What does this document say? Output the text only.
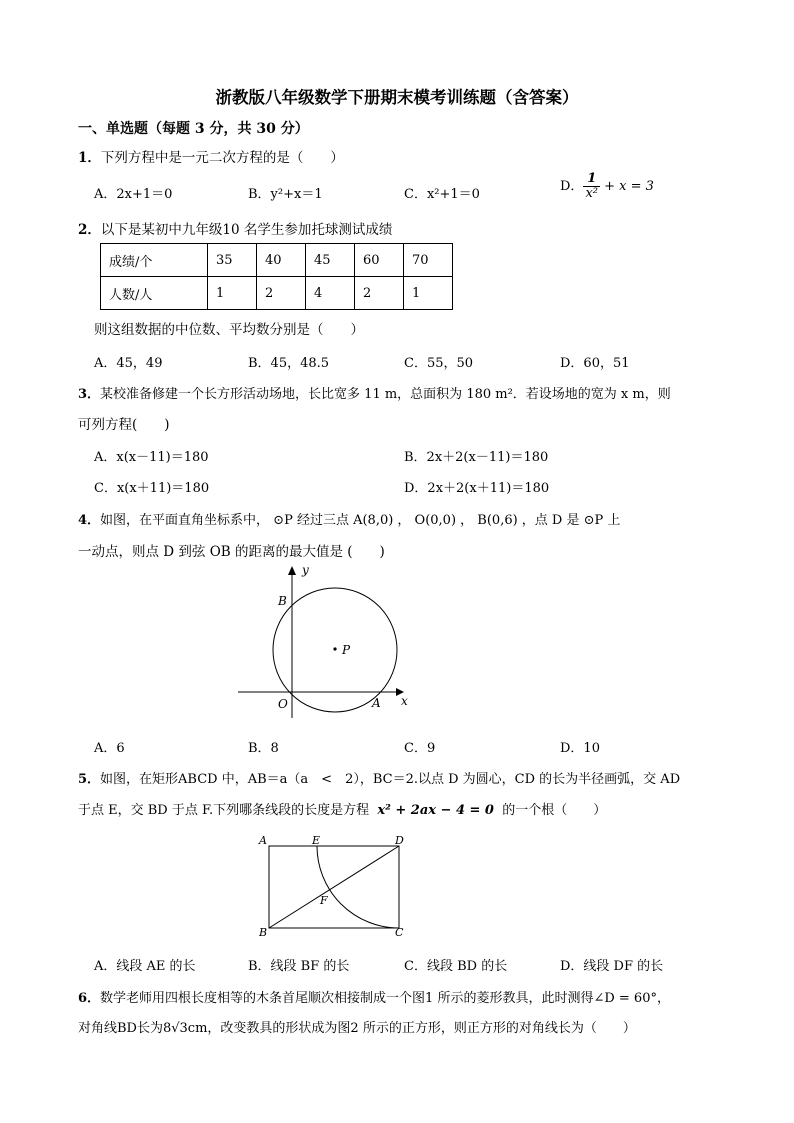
浙教版八年级数学下册期末模考训练题（含答案）
一、单选题（每题 3 分，共 30 分）
1．下列方程中是一元二次方程的是（　　）
A．2x+1＝0	B．y²+x＝1	C．x²+1＝0
D． $\frac{1}{\text{x²}} + x = 3$
2．以下是某初中九年级10 名学生参加托球测试成绩
成绩/个	35	40	45	60	70
人数/人	1	2	4	2	1
则这组数据的中位数、平均数分别是（　　）
A．45，49	B．45，48.5	C．55，50	D．60，51
3．某校准备修建一个长方形活动场地，长比宽多 11 m，总面积为 180 m²．若设场地的宽为 x m，则
可列方程(　　)
A．x(x－11)＝180	B．2x＋2(x－11)＝180
C．x(x＋11)＝180	D．2x＋2(x＋11)＝180
4．如图，在平面直角坐标系中， ⊙P 经过三点 A(8,0) ， O(0,0) ， B(0,6) ，点 D 是 ⊙P 上
一动点，则点 D 到弦 OB 的距离的最大值是 (　　)
y
x
B
P
O	A
A．6	B．8	C．9	D．10
5．如图，在矩形ABCD 中，AB＝a（a　<　2），BC＝2.以点 D 为圆心，CD 的长为半径画弧，交 AD
于点 E，交 BD 于点 F.下列哪条线段的长度是方程 x² + 2ax − 4 = 0 的一个根（　　）
A	E	D
F
B	C
A．线段 AE 的长	B．线段 BF 的长	C．线段 BD 的长	D．线段 DF 的长
6．数学老师用四根长度相等的木条首尾顺次相接制成一个图1 所示的菱形教具，此时测得∠D = 60°，
对角线BD长为8√3cm，改变教具的形状成为图2 所示的正方形，则正方形的对角线长为（　　）
